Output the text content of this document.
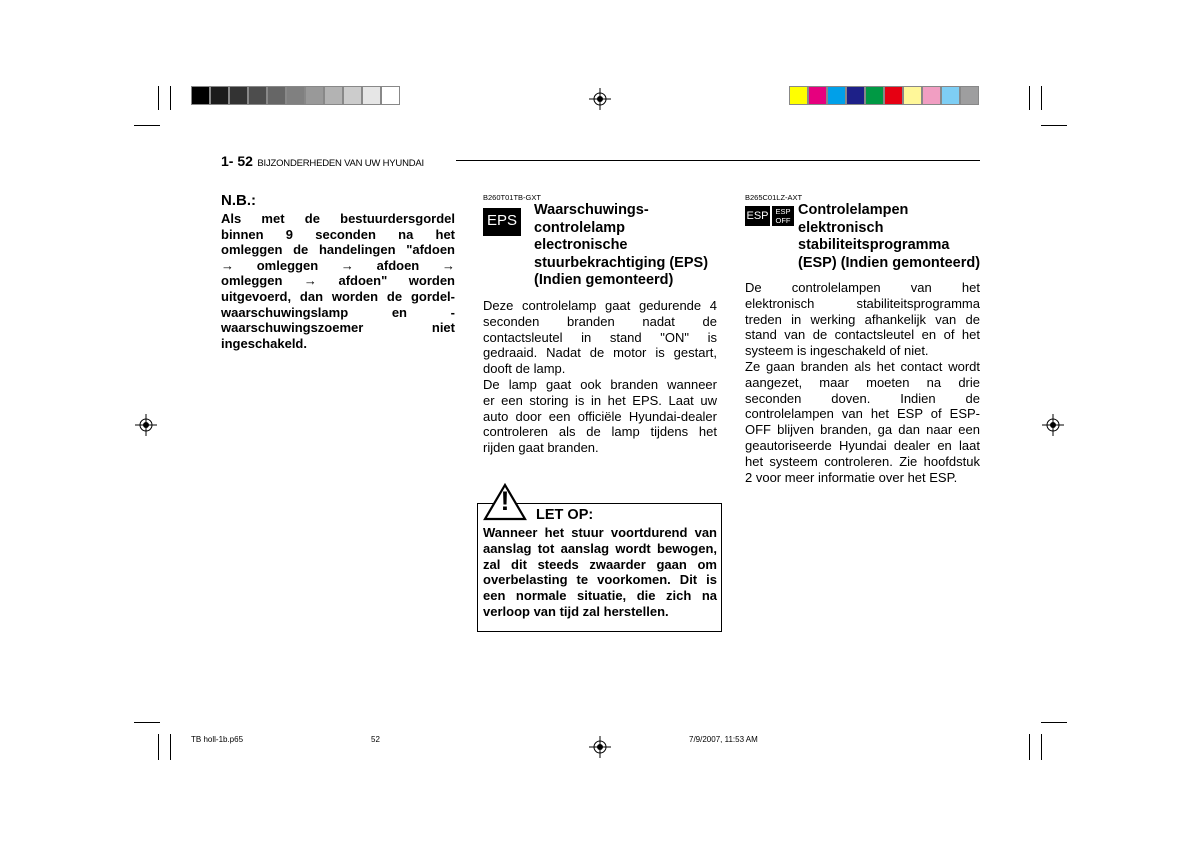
1- 52 BIJZONDERHEDEN VAN UW HYUNDAI
N.B.:
Als met de bestuurdersgordel
binnen 9 seconden na het
omleggen de handelingen "afdoen
→ omleggen → afdoen →
omleggen → afdoen" worden
uitgevoerd, dan worden de gordel-
waarschuwingslamp en -
waarschuwingszoemer niet
ingeschakeld.
B260T01TB-GXT
EPS
Waarschuwings-
controlelamp
electronische
stuurbekrachtiging (EPS)
(Indien gemonteerd)
Deze controlelamp gaat gedurende 4
seconden branden nadat de
contactsleutel in stand "ON" is
gedraaid. Nadat de motor is gestart,
dooft de lamp.
De lamp gaat ook branden wanneer
er een storing is in het EPS. Laat uw
auto door een officiële Hyundai-dealer
controleren als de lamp tijdens het
rijden gaat branden.
! LET OP:
Wanneer het stuur voortdurend van
aanslag tot aanslag wordt bewogen,
zal dit steeds zwaarder gaan om
overbelasting te voorkomen. Dit is
een normale situatie, die zich na
verloop van tijd zal herstellen.
B265C01LZ-AXT
ESP ESP
OFF
Controlelampen
elektronisch
stabiliteitsprogramma
(ESP) (Indien gemonteerd)
De controlelampen van het
elektronisch stabiliteitsprogramma
treden in werking afhankelijk van de
stand van de contactsleutel en of het
systeem is ingeschakeld of niet.
Ze gaan branden als het contact wordt
aangezet, maar moeten na drie
seconden doven. Indien de
controlelampen van het ESP of ESP-
OFF blijven branden, ga dan naar een
geautoriseerde Hyundai dealer en laat
het systeem controleren. Zie hoofdstuk
2 voor meer informatie over het ESP.
TB holl-1b.p65	52	7/9/2007, 11:53 AM
